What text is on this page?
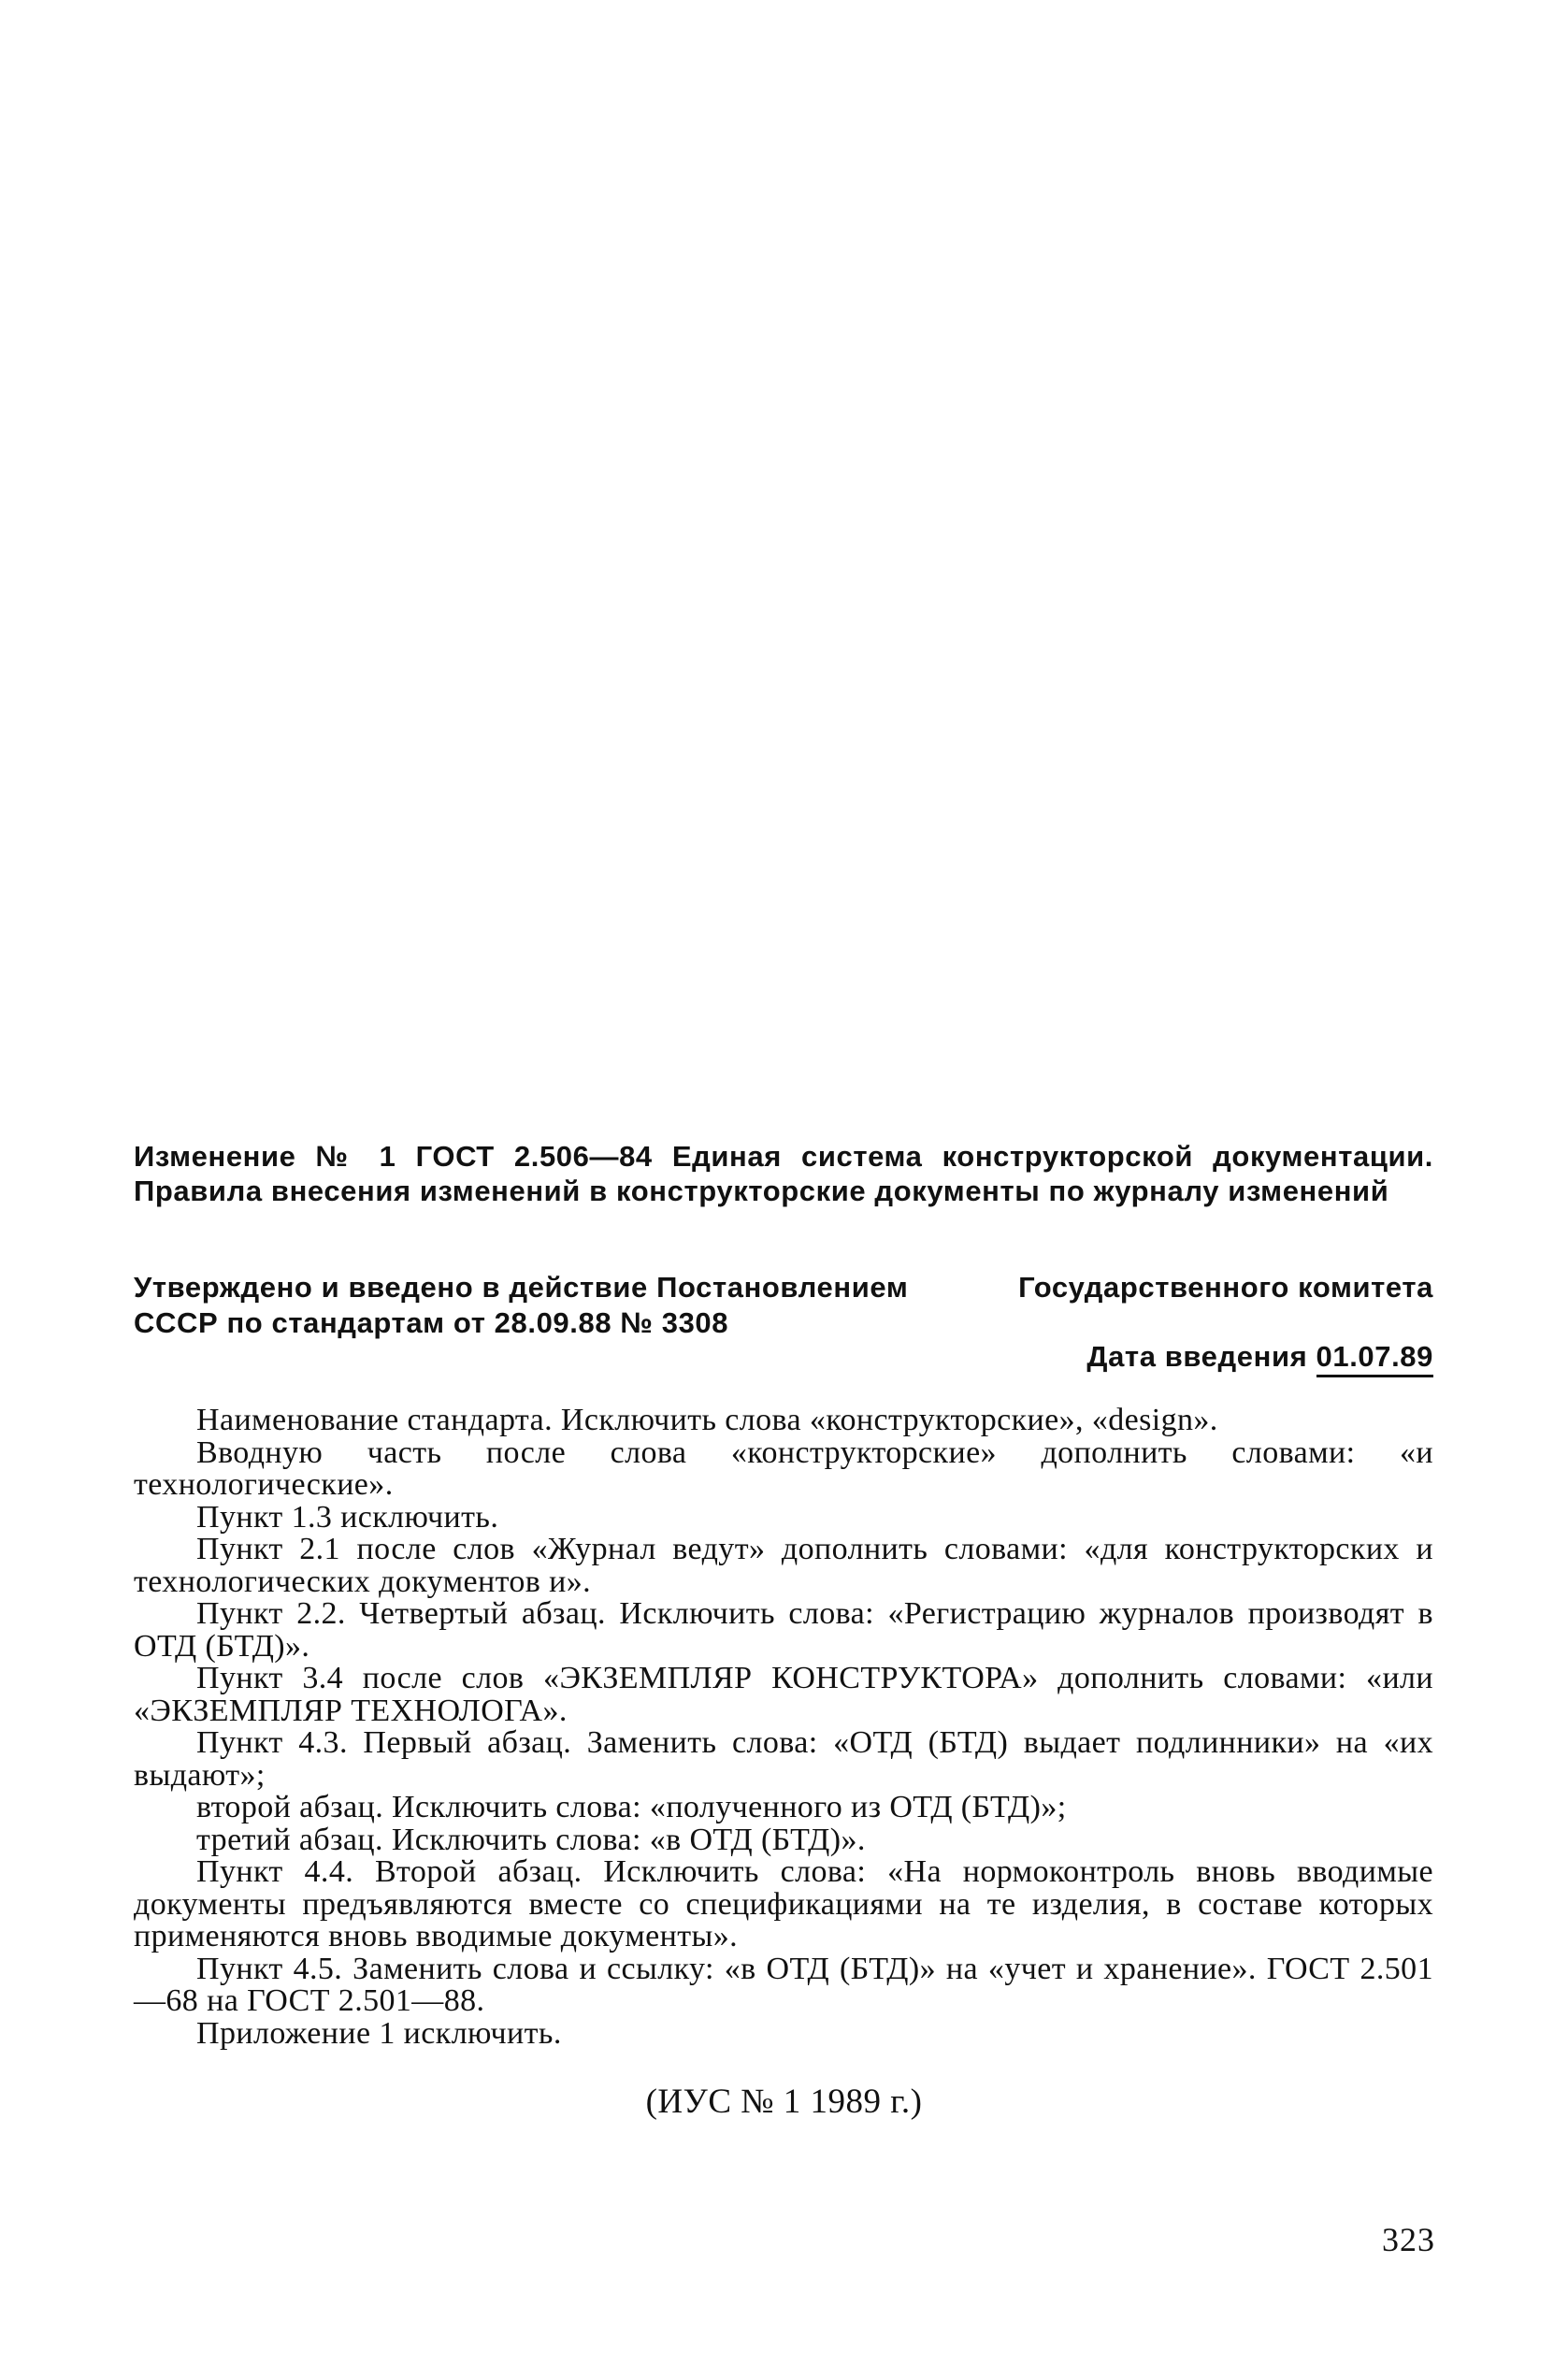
Изменение № 1 ГОСТ 2.506—84 Единая система конструкторской документации. Правила внесения изменений в конструкторские документы по журналу изменений
Утверждено и введено в действие Постановлением	Государственного комитета
СССР по стандартам от 28.09.88 № 3308
Дата введения 01.07.89

Наименование стандарта. Исключить слова «конструкторские», «design».

Вводную часть после слова «конструкторские» дополнить словами: «и технологические».

Пункт 1.3 исключить.

Пункт 2.1 после слов «Журнал ведут» дополнить словами: «для конструкторских и технологических документов и».

Пункт 2.2. Четвертый абзац. Исключить слова: «Регистрацию журналов производят в ОТД (БТД)».

Пункт 3.4 после слов «ЭКЗЕМПЛЯР КОНСТРУКТОРА» дополнить словами: «или «ЭКЗЕМПЛЯР ТЕХНОЛОГА».

Пункт 4.3. Первый абзац. Заменить слова: «ОТД (БТД) выдает подлинники» на «их выдают»;

второй абзац. Исключить слова: «полученного из ОТД (БТД)»;

третий абзац. Исключить слова: «в ОТД (БТД)».

Пункт 4.4. Второй абзац. Исключить слова: «На нормоконтроль вновь вводимые документы предъявляются вместе со спецификациями на те изделия, в составе которых применяются вновь вводимые документы».

Пункт 4.5. Заменить слова и ссылку: «в ОТД (БТД)» на «учет и хранение». ГОСТ 2.501—68 на ГОСТ 2.501—88.

Приложение 1 исключить.

(ИУС № 1 1989 г.)
323
